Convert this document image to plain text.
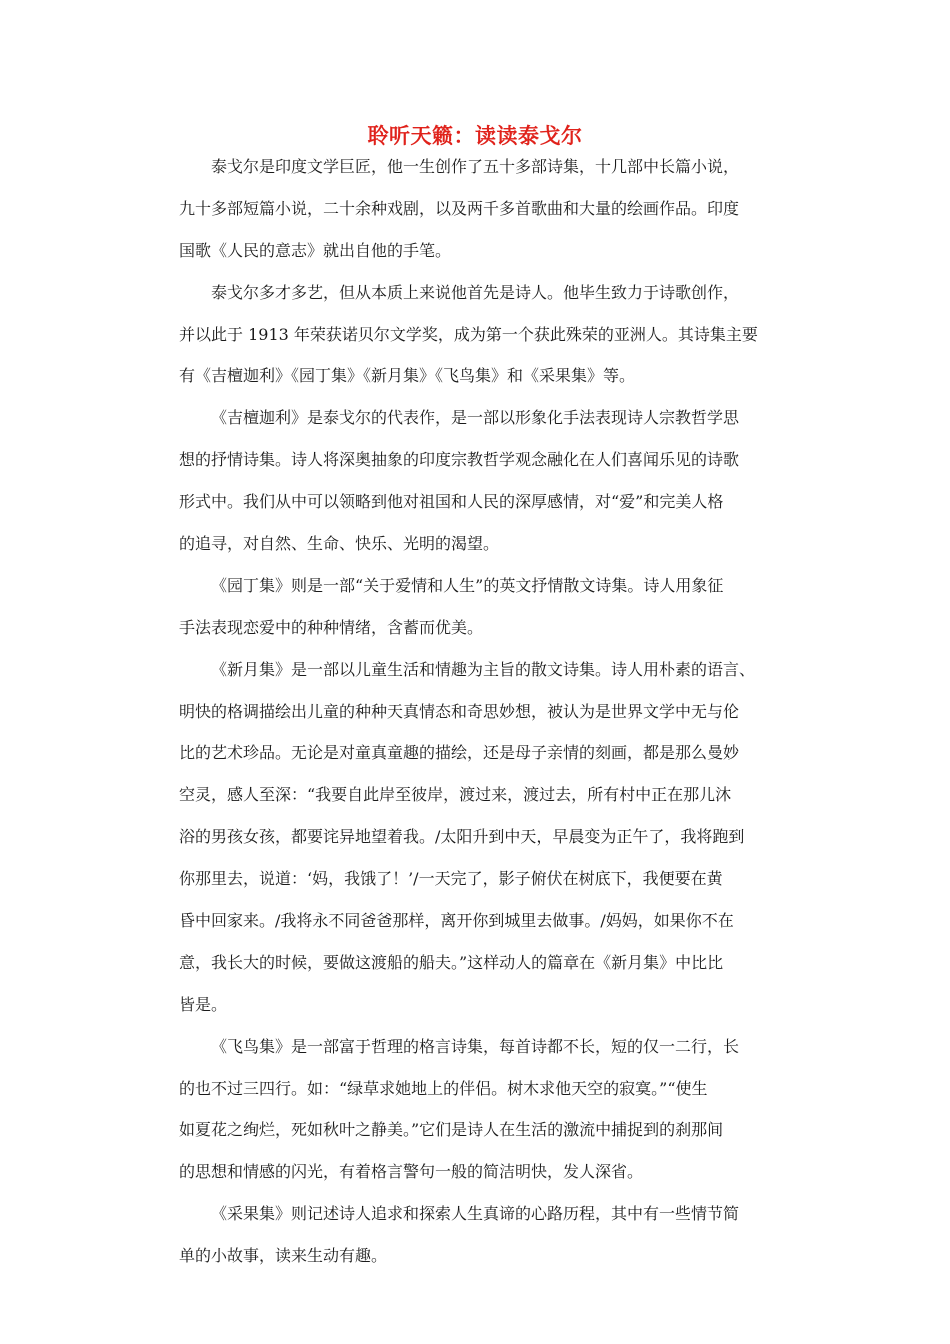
聆听天籁：读读泰戈尔
泰戈尔是印度文学巨匠，他一生创作了五十多部诗集，十几部中长篇小说，
九十多部短篇小说，二十余种戏剧，以及两千多首歌曲和大量的绘画作品。印度
国歌《人民的意志》就出自他的手笔。
泰戈尔多才多艺，但从本质上来说他首先是诗人。他毕生致力于诗歌创作，
并以此于 1913 年荣获诺贝尔文学奖，成为第一个获此殊荣的亚洲人。其诗集主要
有《吉檀迦利》《园丁集》《新月集》《飞鸟集》和《采果集》等。
《吉檀迦利》是泰戈尔的代表作，是一部以形象化手法表现诗人宗教哲学思
想的抒情诗集。诗人将深奥抽象的印度宗教哲学观念融化在人们喜闻乐见的诗歌
形式中。我们从中可以领略到他对祖国和人民的深厚感情，对“爱”和完美人格
的追寻，对自然、生命、快乐、光明的渴望。
《园丁集》则是一部“关于爱情和人生”的英文抒情散文诗集。诗人用象征
手法表现恋爱中的种种情绪，含蓄而优美。
《新月集》是一部以儿童生活和情趣为主旨的散文诗集。诗人用朴素的语言、
明快的格调描绘出儿童的种种天真情态和奇思妙想，被认为是世界文学中无与伦
比的艺术珍品。无论是对童真童趣的描绘，还是母子亲情的刻画，都是那么曼妙
空灵，感人至深：“我要自此岸至彼岸，渡过来，渡过去，所有村中正在那儿沐
浴的男孩女孩，都要诧异地望着我。/太阳升到中天，早晨变为正午了，我将跑到
你那里去，说道：‘妈，我饿了！’/一天完了，影子俯伏在树底下，我便要在黄
昏中回家来。/我将永不同爸爸那样，离开你到城里去做事。/妈妈，如果你不在
意，我长大的时候，要做这渡船的船夫。”这样动人的篇章在《新月集》中比比
皆是。
《飞鸟集》是一部富于哲理的格言诗集，每首诗都不长，短的仅一二行，长
的也不过三四行。如：“绿草求她地上的伴侣。树木求他天空的寂寞。”“使生
如夏花之绚烂，死如秋叶之静美。”它们是诗人在生活的激流中捕捉到的刹那间
的思想和情感的闪光，有着格言警句一般的简洁明快，发人深省。
《采果集》则记述诗人追求和探索人生真谛的心路历程，其中有一些情节简
单的小故事，读来生动有趣。
